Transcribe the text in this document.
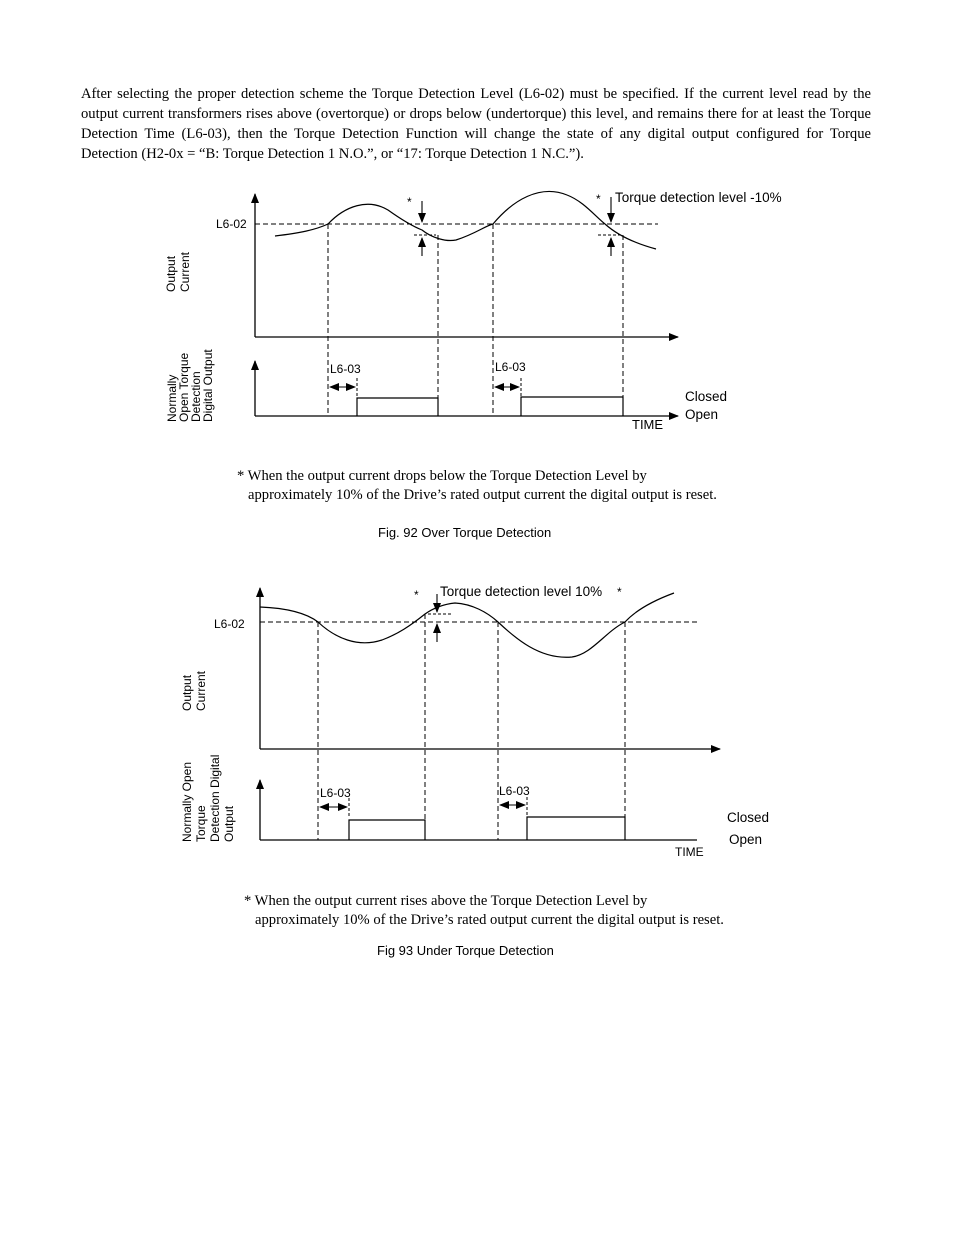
After selecting the proper detection scheme the Torque Detection Level (L6-02) must be specified. If the current level read by the output current transformers rises above (overtorque) or drops below (undertorque) this level, and remains there for at least the Torque Detection Time (L6-03), then the Torque Detection Function will change the state of any digital output configured for Torque Detection (H2-0x = “B: Torque Detection 1 N.O.”, or “17: Torque Detection 1 N.C.”).

L6-02
*	* Torque detection level -10%
Output Current
L6-03	L6-03
Closed
Open
TIME
Normally Open Torque Detection Digital Output

* When the output current drops below the Torque Detection Level by
approximately 10% of the Drive’s rated output current the digital output is reset.

Fig. 92 Over Torque Detection

L6-02
* Torque detection level 10% *
Output Current
L6-03	L6-03
Closed
Open
TIME
Normally Open Torque Detection Digital Output

* When the output current rises above the Torque Detection Level by
approximately 10% of the Drive’s rated output current the digital output is reset.

Fig 93 Under Torque Detection
